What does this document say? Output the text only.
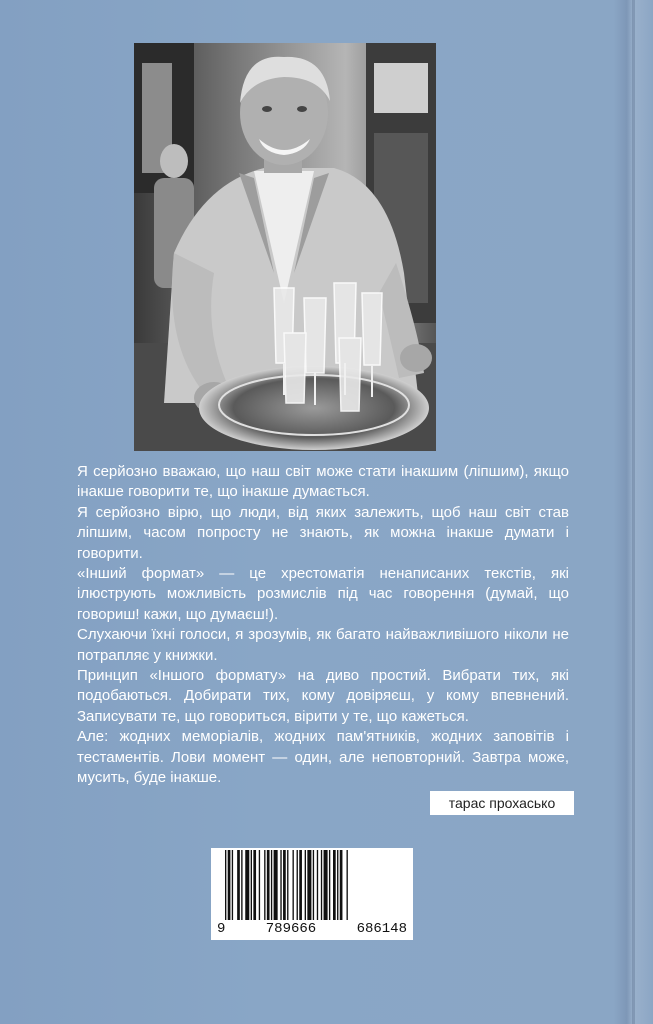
Я серйозно вважаю, що наш світ може стати інакшим (ліпшим), якщо інакше говорити те, що інакше думається.

Я серйозно вірю, що люди, від яких залежить, щоб наш світ став ліпшим, часом попросту не знають, як можна інакше думати і говорити.

«Інший формат» — це хрестоматія ненаписаних текстів, які ілюструють можливість розмислів під час говорення (думай, що говориш! кажи, що думаєш!).

Слухаючи їхні голоси, я зрозумів, як багато найважливішого ніколи не потрапляє у книжки.

Принцип «Іншого формату» на диво простий. Вибрати тих, які подобаються. Добирати тих, кому довіряєш, у кому впевнений. Записувати те, що говориться, вірити у те, що кажеться.

Але: жодних меморіалів, жодних пам'ятників, жодних заповітів і тестаментів. Лови момент — один, але неповторний. Завтра може, мусить, буде інакше.

тарас прохасько
9	789666	686148
